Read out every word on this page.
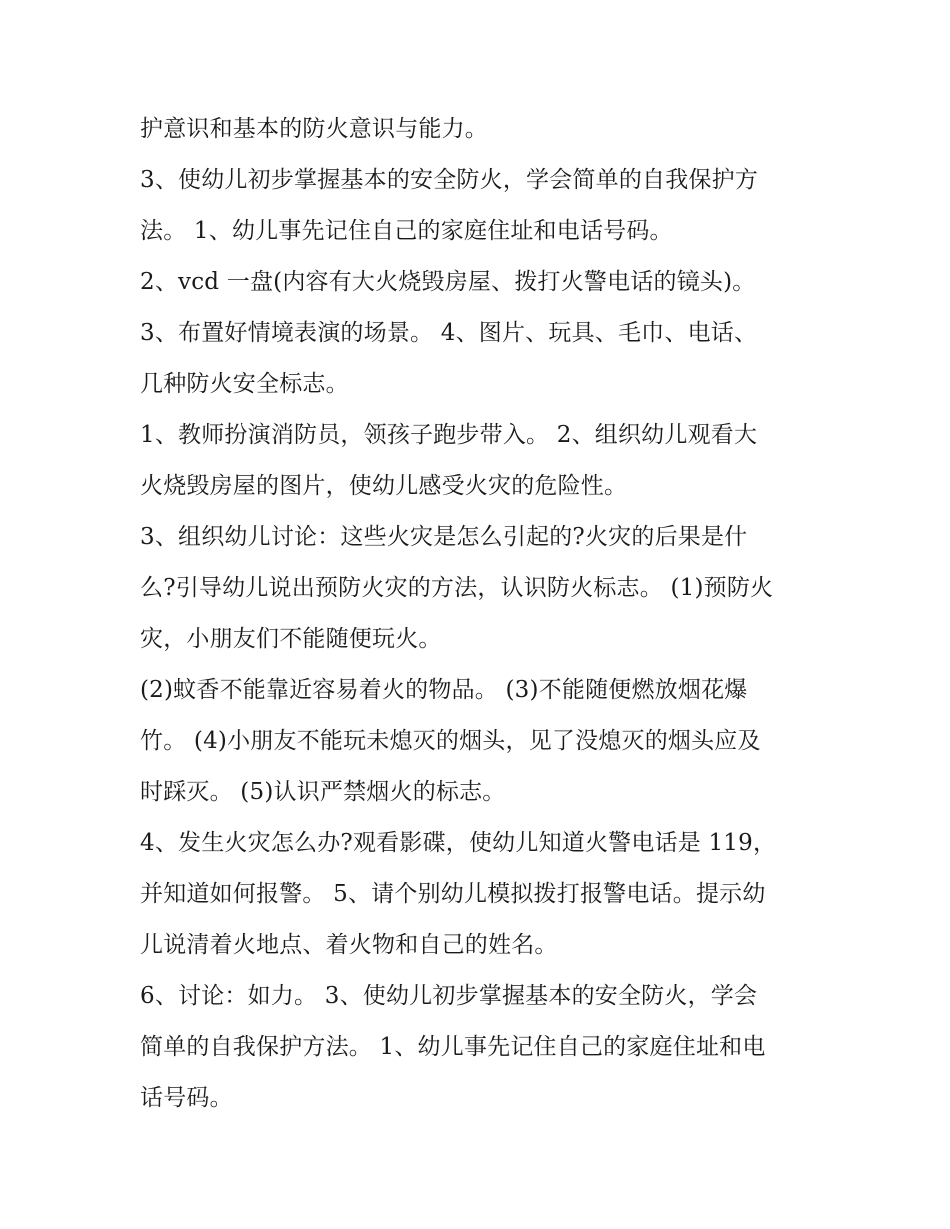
护意识和基本的防火意识与能力。
3、使幼儿初步掌握基本的安全防火，学会简单的自我保护方
法。 1、幼儿事先记住自己的家庭住址和电话号码。
2、vcd 一盘(内容有大火烧毁房屋、拨打火警电话的镜头)。
3、布置好情境表演的场景。 4、图片、玩具、毛巾、电话、
几种防火安全标志。
1、教师扮演消防员，领孩子跑步带入。 2、组织幼儿观看大
火烧毁房屋的图片，使幼儿感受火灾的危险性。
3、组织幼儿讨论：这些火灾是怎么引起的?火灾的后果是什
么?引导幼儿说出预防火灾的方法，认识防火标志。 (1)预防火
灾，小朋友们不能随便玩火。
(2)蚊香不能靠近容易着火的物品。 (3)不能随便燃放烟花爆
竹。 (4)小朋友不能玩未熄灭的烟头，见了没熄灭的烟头应及
时踩灭。 (5)认识严禁烟火的标志。
4、发生火灾怎么办?观看影碟，使幼儿知道火警电话是 119，
并知道如何报警。 5、请个别幼儿模拟拨打报警电话。提示幼
儿说清着火地点、着火物和自己的姓名。
6、讨论：如力。 3、使幼儿初步掌握基本的安全防火，学会
简单的自我保护方法。 1、幼儿事先记住自己的家庭住址和电
话号码。
